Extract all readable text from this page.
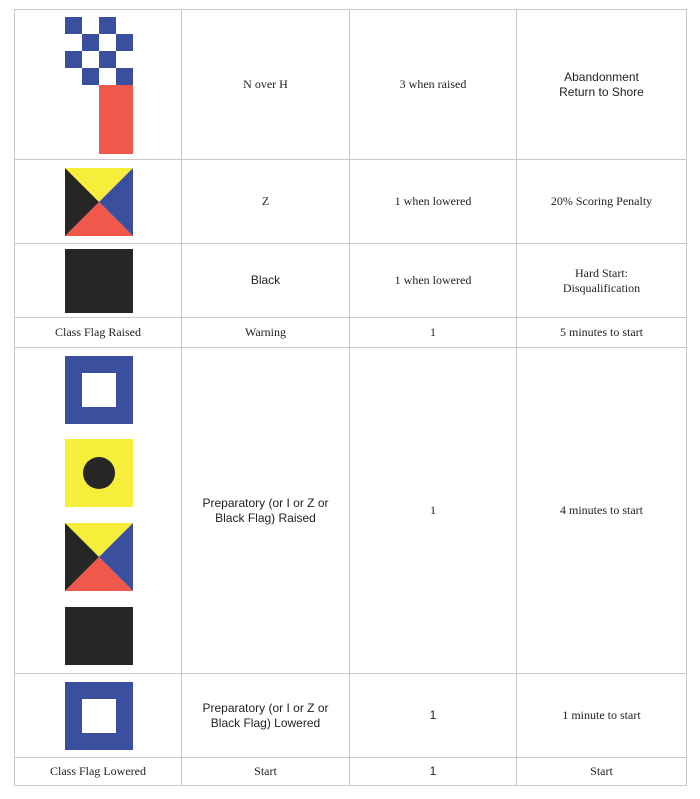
	N over H	3 when raised	Abandonment
Return to Shore

	Z	1 when lowered	20% Scoring Penalty

	Black	1 when lowered	Hard Start:
Disqualification
Class Flag Raised	Warning	1	5 minutes to start

	Preparatory (or I or Z or
Black Flag) Raised	1	4 minutes to start

	Preparatory (or I or Z or
Black Flag) Lowered	1	1 minute to start
Class Flag Lowered	Start	1	Start
